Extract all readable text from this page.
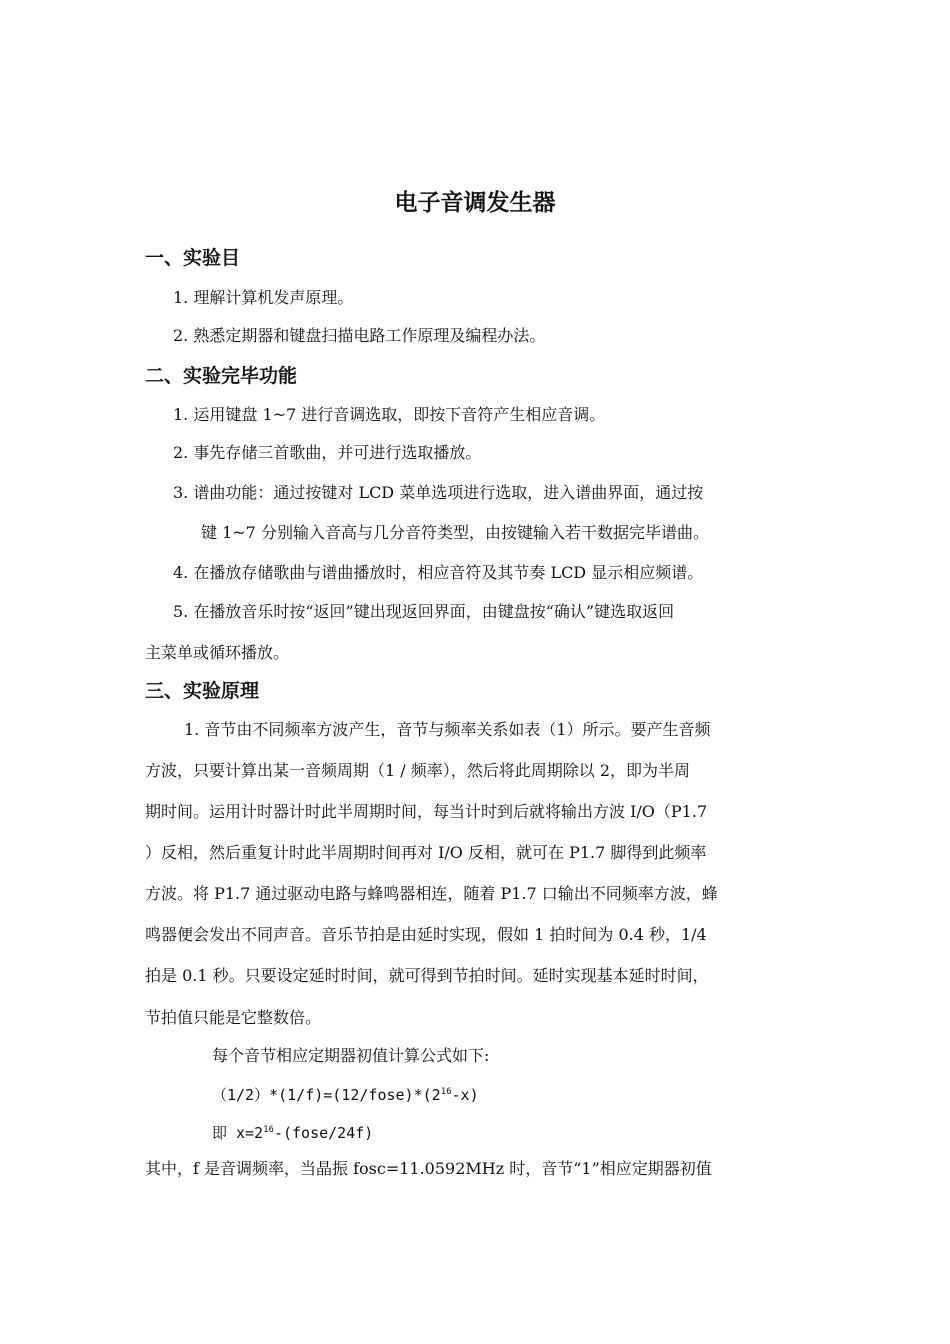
电子音调发生器
一、实验目
1. 理解计算机发声原理。
2. 熟悉定期器和键盘扫描电路工作原理及编程办法。
二、实验完毕功能
1. 运用键盘 1~7 进行音调选取，即按下音符产生相应音调。
2. 事先存储三首歌曲，并可进行选取播放。
3. 谱曲功能：通过按键对 LCD 菜单选项进行选取，进入谱曲界面，通过按
键 1~7 分别输入音高与几分音符类型，由按键输入若干数据完毕谱曲。
4. 在播放存储歌曲与谱曲播放时，相应音符及其节奏 LCD 显示相应频谱。
5. 在播放音乐时按“返回”键出现返回界面，由键盘按“确认”键选取返回
主菜单或循环播放。
三、实验原理
1. 音节由不同频率方波产生，音节与频率关系如表（1）所示。要产生音频
方波，只要计算出某一音频周期（1 / 频率），然后将此周期除以 2，即为半周
期时间。运用计时器计时此半周期时间，每当计时到后就将输出方波 I/O（P1.7
）反相，然后重复计时此半周期时间再对 I/O 反相，就可在 P1.7 脚得到此频率
方波。将 P1.7 通过驱动电路与蜂鸣器相连，随着 P1.7 口输出不同频率方波，蜂
鸣器便会发出不同声音。音乐节拍是由延时实现，假如 1 拍时间为 0.4 秒，1/4
拍是 0.1 秒。只要设定延时时间，就可得到节拍时间。延时实现基本延时时间，
节拍值只能是它整数倍。
每个音节相应定期器初值计算公式如下:
$(1/2)*(1/f)=(12/fose)*(2^{16}-x)$
即 $x=2^{16}-(fose/24f)$
其中，f 是音调频率，当晶振 fosc=11.0592MHz 时，音节“1”相应定期器初值
